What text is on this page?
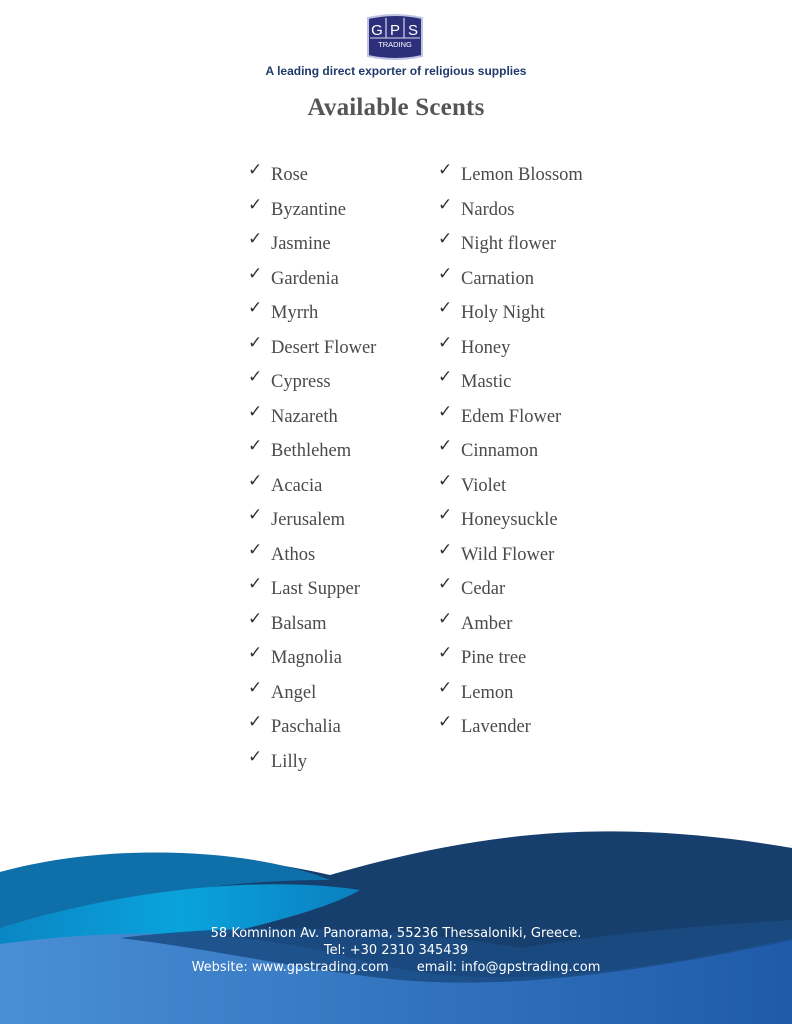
G P S
TRADING
A leading direct exporter of religious supplies
Available Scents
✓ Rose
✓ Byzantine
✓ Jasmine
✓ Gardenia
✓ Myrrh
✓ Desert Flower
✓ Cypress
✓ Nazareth
✓ Bethlehem
✓ Acacia
✓ Jerusalem
✓ Athos
✓ Last Supper
✓ Balsam
✓ Magnolia
✓ Angel
✓ Paschalia
✓ Lilly
✓ Lemon Blossom
✓ Nardos
✓ Night flower
✓ Carnation
✓ Holy Night
✓ Honey
✓ Mastic
✓ Edem Flower
✓ Cinnamon
✓ Violet
✓ Honeysuckle
✓ Wild Flower
✓ Cedar
✓ Amber
✓ Pine tree
✓ Lemon
✓ Lavender
58 Komninon Av. Panorama, 55236 Thessaloniki, Greece.
Tel: +30 2310 345439
Website: www.gpstrading.com email: info@gpstrading.com
